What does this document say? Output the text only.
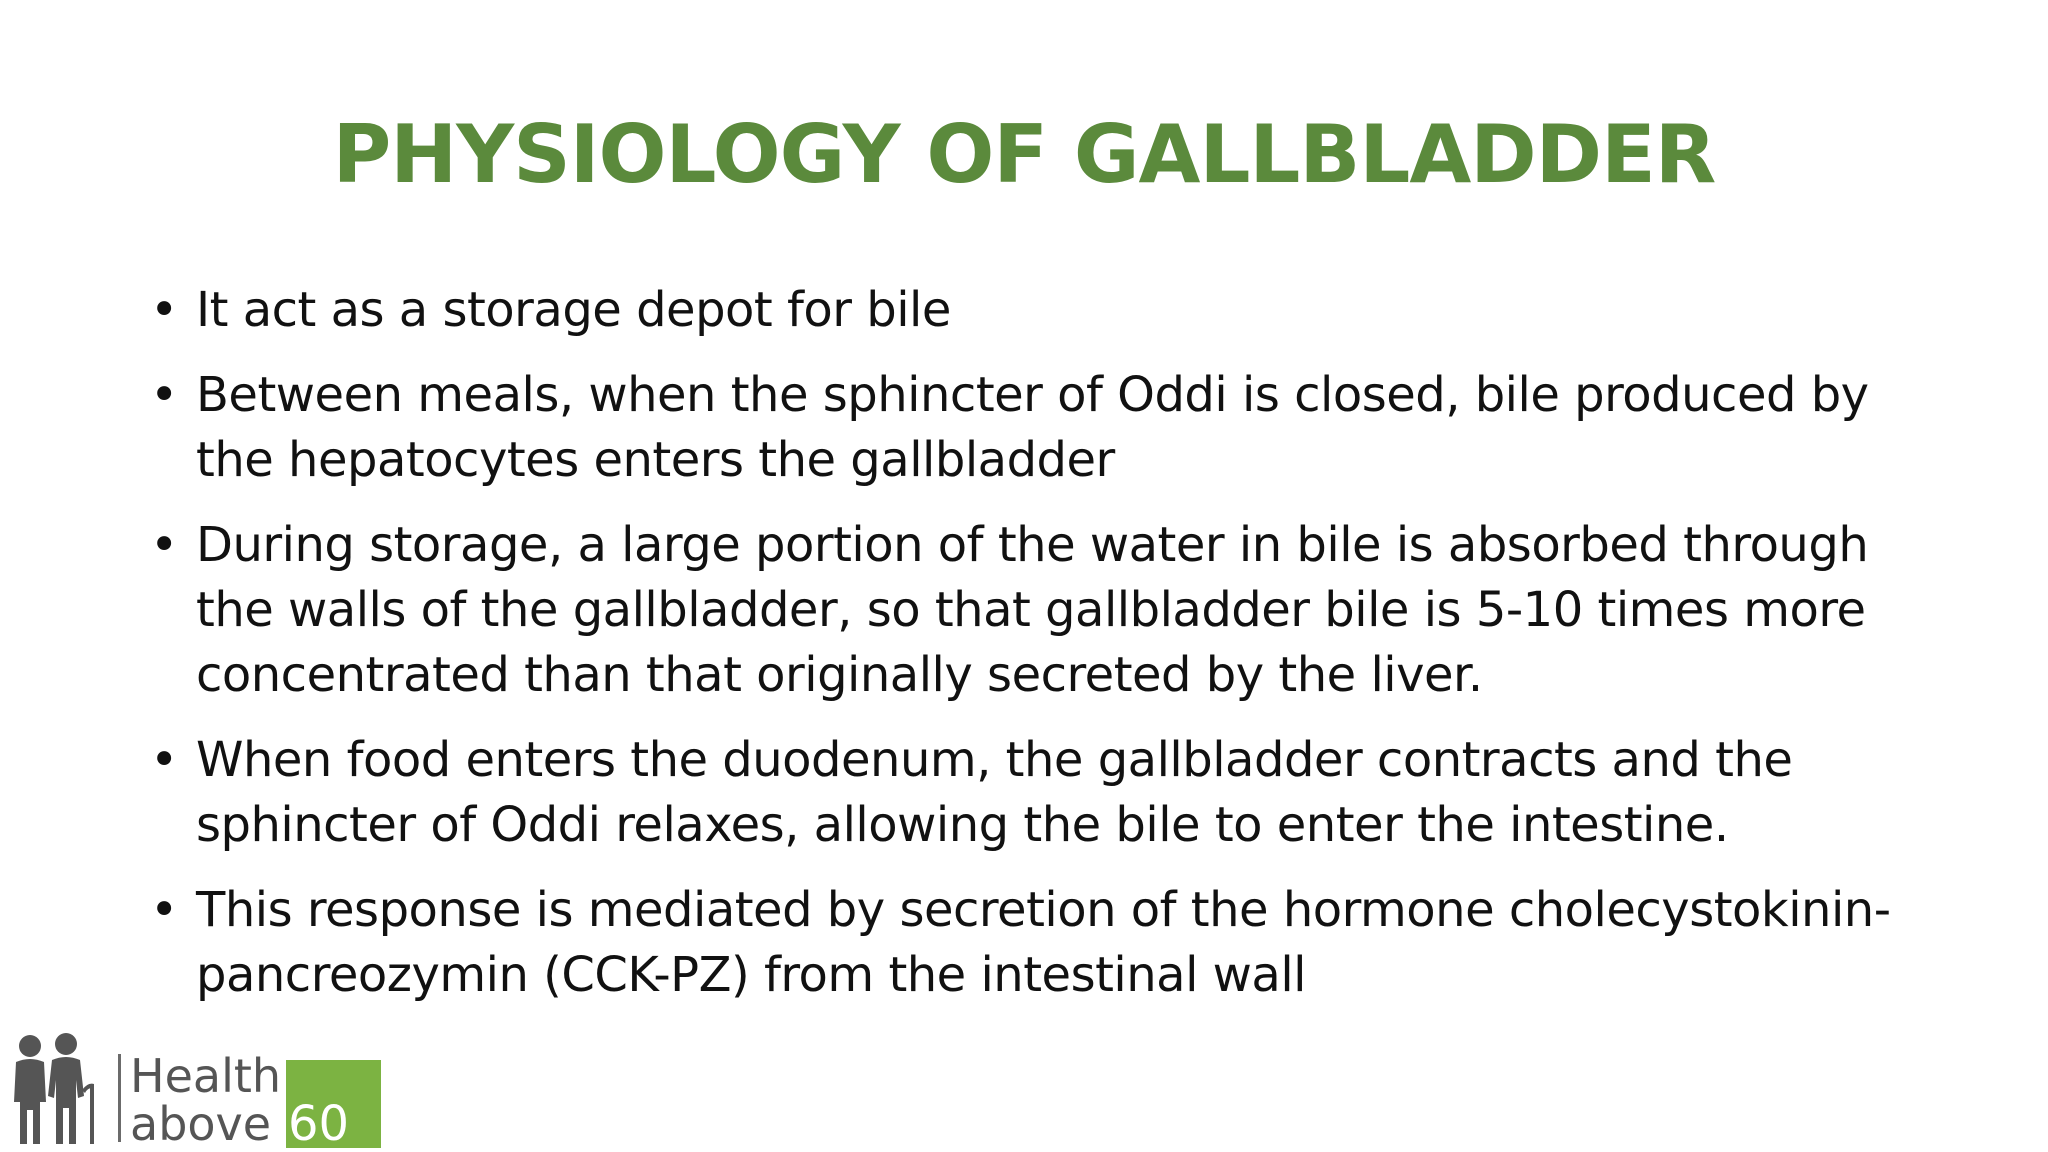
PHYSIOLOGY OF GALLBLADDER
• It act as a storage depot for bile
• Between meals, when the sphincter of Oddi is closed, bile produced by the hepatocytes enters the gallbladder
• During storage, a large portion of the water in bile is absorbed through the walls of the gallbladder, so that gallbladder bile is 5-10 times more concentrated than that originally secreted by the liver.
• When food enters the duodenum, the gallbladder contracts and the sphincter of Oddi relaxes, allowing the bile to enter the intestine.
• This response is mediated by secretion of the hormone cholecystokinin-pancreozymin (CCK-PZ) from the intestinal wall
Health
above 60
